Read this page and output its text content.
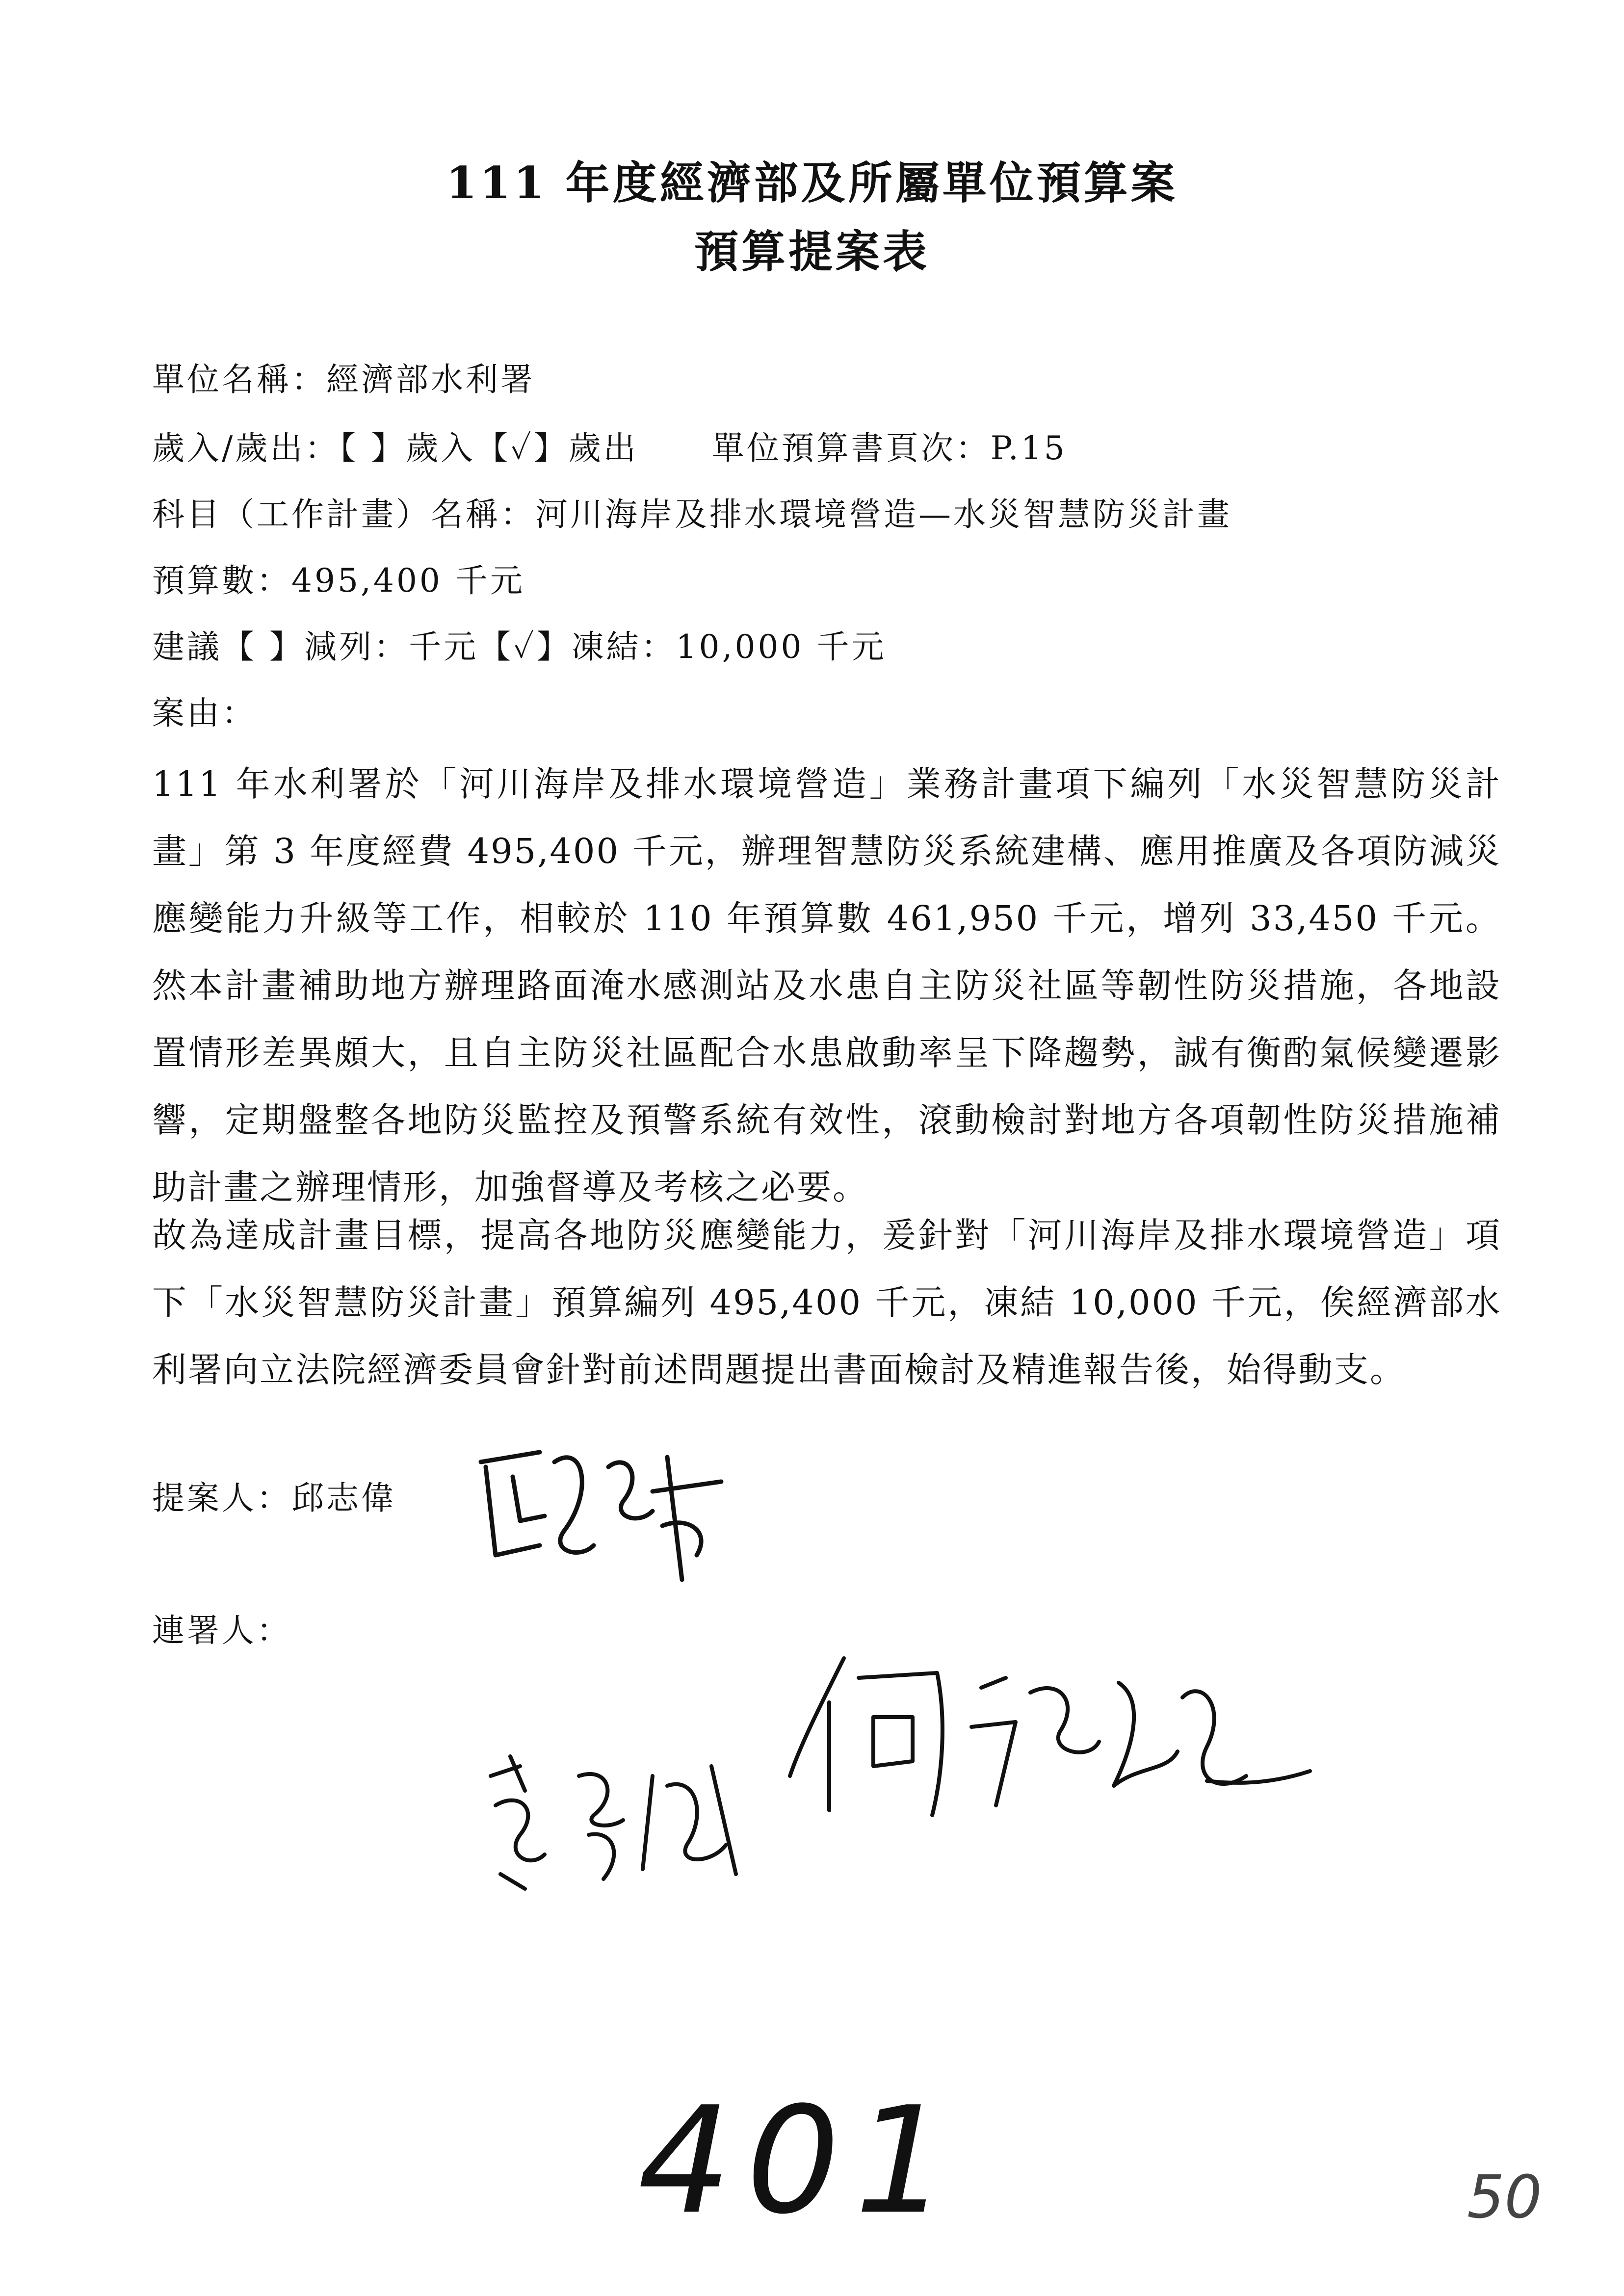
111 年度經濟部及所屬單位預算案
預算提案表
單位名稱：經濟部水利署
歲入/歲出：【 】歲入【✓】歲出 單位預算書頁次：P.15
科目（工作計畫）名稱：河川海岸及排水環境營造—水災智慧防災計畫
預算數：495,400 千元
建議【 】減列：千元【✓】凍結：10,000 千元
案由：
111 年水利署於「河川海岸及排水環境營造」業務計畫項下編列「水災智慧防災計畫」第 3 年度經費 495,400 千元，辦理智慧防災系統建構、應用推廣及各項防減災應變能力升級等工作，相較於 110 年預算數 461,950 千元，增列 33,450 千元。然本計畫補助地方辦理路面淹水感測站及水患自主防災社區等韌性防災措施，各地設置情形差異頗大，且自主防災社區配合水患啟動率呈下降趨勢，誠有衡酌氣候變遷影響，定期盤整各地防災監控及預警系統有效性，滾動檢討對地方各項韌性防災措施補助計畫之辦理情形，加強督導及考核之必要。
故為達成計畫目標，提高各地防災應變能力，爰針對「河川海岸及排水環境營造」項下「水災智慧防災計畫」預算編列 495,400 千元，凍結 10,000 千元，俟經濟部水利署向立法院經濟委員會針對前述問題提出書面檢討及精進報告後，始得動支。
提案人：邱志偉
連署人：
401	50
